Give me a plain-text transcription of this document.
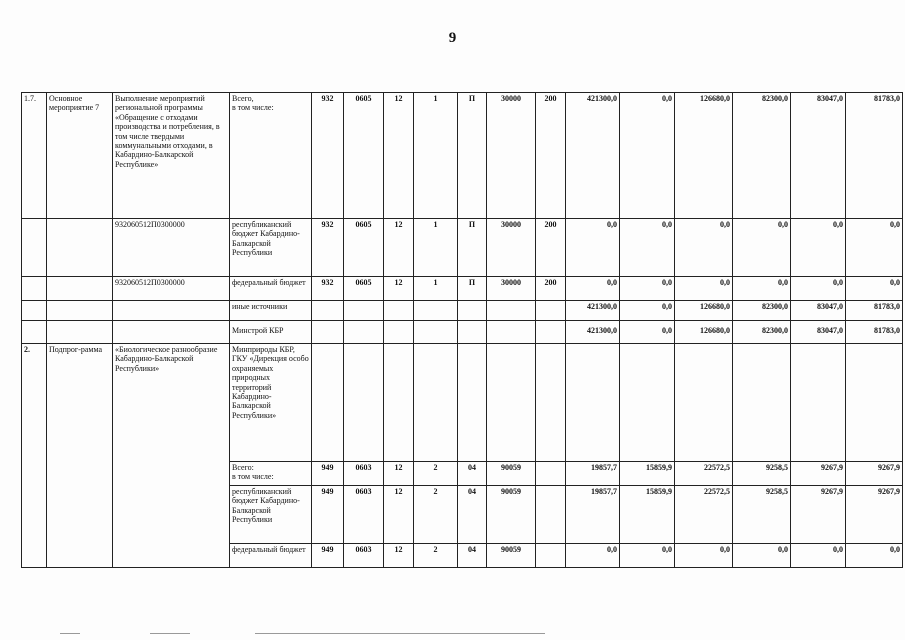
9
1.7.	Основное мероприятие 7	Выполнение мероприятий региональной программы «Обращение с отходами производства и потребления, в том числе твердыми коммунальными отходами, в Кабардино-Балкарской Республике»	Всего,
в том числе:	932	0605	12	1	П	30000	200	421300,0	0,0	126680,0	82300,0	83047,0	81783,0
		932060512П0300000	республиканский бюджет Кабардино-Балкарской Республики	932	0605	12	1	П	30000	200	0,0	0,0	0,0	0,0	0,0	0,0
		932060512П0300000	федеральный бюджет	932	0605	12	1	П	30000	200	0,0	0,0	0,0	0,0	0,0	0,0
			иные источники								421300,0	0,0	126680,0	82300,0	83047,0	81783,0
			Минстрой КБР								421300,0	0,0	126680,0	82300,0	83047,0	81783,0
2.	Подпрог-рамма	«Биологическое разнообразие Кабардино-Балкарской Республики»	Минприроды КБР,
ГКУ «Дирекция особо охраняемых природных территорий Кабардино-Балкарской Республики»													
			Всего:
в том числе:	949	0603	12	2	04	90059		19857,7	15859,9	22572,5	9258,5	9267,9	9267,9
			республиканский бюджет Кабардино-Балкарской Республики	949	0603	12	2	04	90059		19857,7	15859,9	22572,5	9258,5	9267,9	9267,9
			федеральный бюджет	949	0603	12	2	04	90059		0,0	0,0	0,0	0,0	0,0	0,0
